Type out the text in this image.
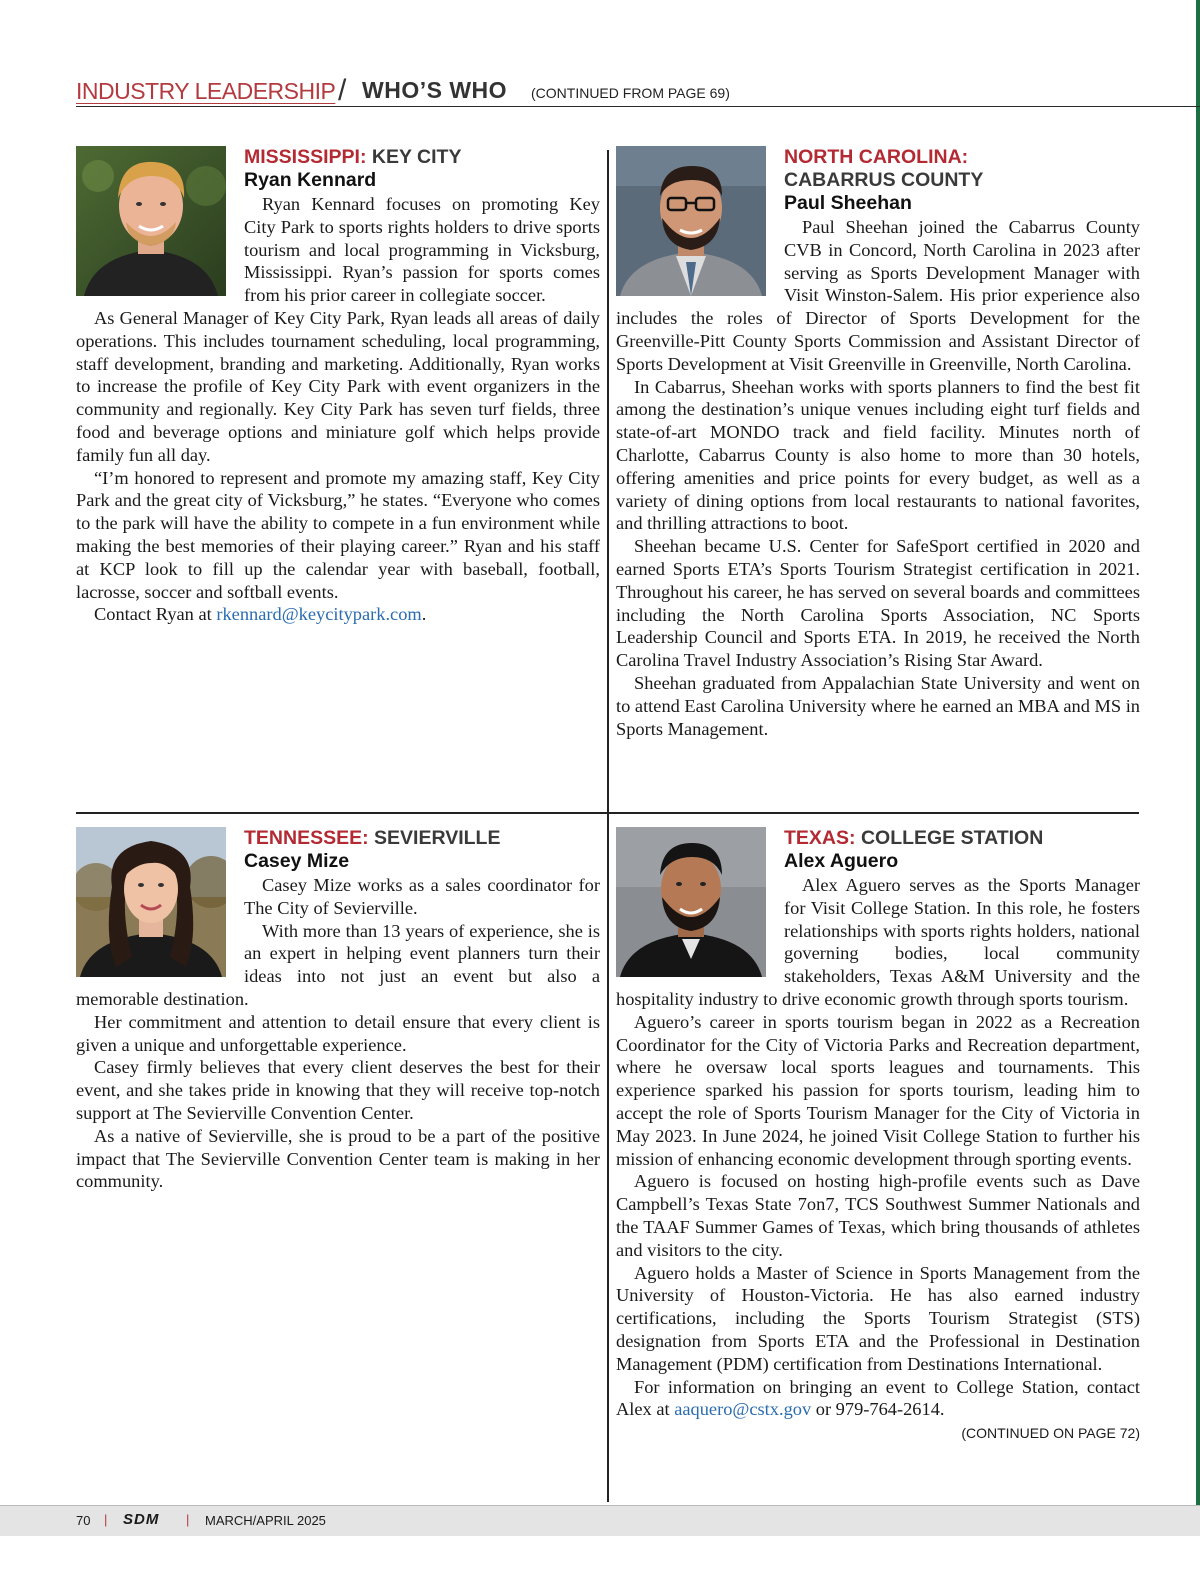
INDUSTRY LEADERSHIP / WHO’S WHO (CONTINUED FROM PAGE 69)
MISSISSIPPI: KEY CITY
Ryan Kennard

Ryan Kennard focuses on promoting Key City Park to sports rights holders to drive sports tourism and local programming in Vicksburg, Mississippi. Ryan’s passion for sports comes from his prior career in collegiate soccer.

As General Manager of Key City Park, Ryan leads all areas of daily operations. This includes tournament scheduling, local programming, staff development, branding and marketing. Additionally, Ryan works to increase the profile of Key City Park with event organizers in the community and regionally. Key City Park has seven turf fields, three food and beverage options and miniature golf which helps provide family fun all day.

“I’m honored to represent and promote my amazing staff, Key City Park and the great city of Vicksburg,” he states. “Everyone who comes to the park will have the ability to compete in a fun environment while making the best memories of their playing career.” Ryan and his staff at KCP look to fill up the calendar year with baseball, football, lacrosse, soccer and softball events.

Contact Ryan at rkennard@keycitypark.com.

NORTH CAROLINA:
CABARRUS COUNTY
Paul Sheehan

Paul Sheehan joined the Cabarrus County CVB in Concord, North Carolina in 2023 after serving as Sports Development Manager with Visit Winston-Salem. His prior experience also includes the roles of Director of Sports Development for the Greenville-Pitt County Sports Commission and Assistant Director of Sports Development at Visit Greenville in Greenville, North Carolina.

In Cabarrus, Sheehan works with sports planners to find the best fit among the destination’s unique venues including eight turf fields and state-of-art MONDO track and field facility. Minutes north of Charlotte, Cabarrus County is also home to more than 30 hotels, offering amenities and price points for every budget, as well as a variety of dining options from local restaurants to national favorites, and thrilling attractions to boot.

Sheehan became U.S. Center for SafeSport certified in 2020 and earned Sports ETA’s Sports Tourism Strategist certification in 2021. Throughout his career, he has served on several boards and committees including the North Carolina Sports Association, NC Sports Leadership Council and Sports ETA. In 2019, he received the North Carolina Travel Industry Association’s Rising Star Award.

Sheehan graduated from Appalachian State University and went on to attend East Carolina University where he earned an MBA and MS in Sports Management.

TENNESSEE: SEVIERVILLE
Casey Mize

Casey Mize works as a sales coordinator for The City of Sevierville.

With more than 13 years of experience, she is an expert in helping event planners turn their ideas into not just an event but also a memorable destination.

Her commitment and attention to detail ensure that every client is given a unique and unforgettable experience.

Casey firmly believes that every client deserves the best for their event, and she takes pride in knowing that they will receive top-notch support at The Sevierville Convention Center.

As a native of Sevierville, she is proud to be a part of the positive impact that The Sevierville Convention Center team is making in her community.

TEXAS: COLLEGE STATION
Alex Aguero

Alex Aguero serves as the Sports Manager for Visit College Station. In this role, he fosters relationships with sports rights holders, national governing bodies, local community stakeholders, Texas A&M University and the hospitality industry to drive economic growth through sports tourism.

Aguero’s career in sports tourism began in 2022 as a Recreation Coordinator for the City of Victoria Parks and Recreation department, where he oversaw local sports leagues and tournaments. This experience sparked his passion for sports tourism, leading him to accept the role of Sports Tourism Manager for the City of Victoria in May 2023. In June 2024, he joined Visit College Station to further his mission of enhancing economic development through sporting events.

Aguero is focused on hosting high-profile events such as Dave Campbell’s Texas State 7on7, TCS Southwest Summer Nationals and the TAAF Summer Games of Texas, which bring thousands of athletes and visitors to the city.

Aguero holds a Master of Science in Sports Management from the University of Houston-Victoria. He has also earned industry certifications, including the Sports Tourism Strategist (STS) designation from Sports ETA and the Professional in Destination Management (PDM) certification from Destinations International.

For information on bringing an event to College Station, contact Alex at aaquero@cstx.gov or 979-764-2614.

(CONTINUED ON PAGE 72)
70 | SDM | MARCH/APRIL 2025
